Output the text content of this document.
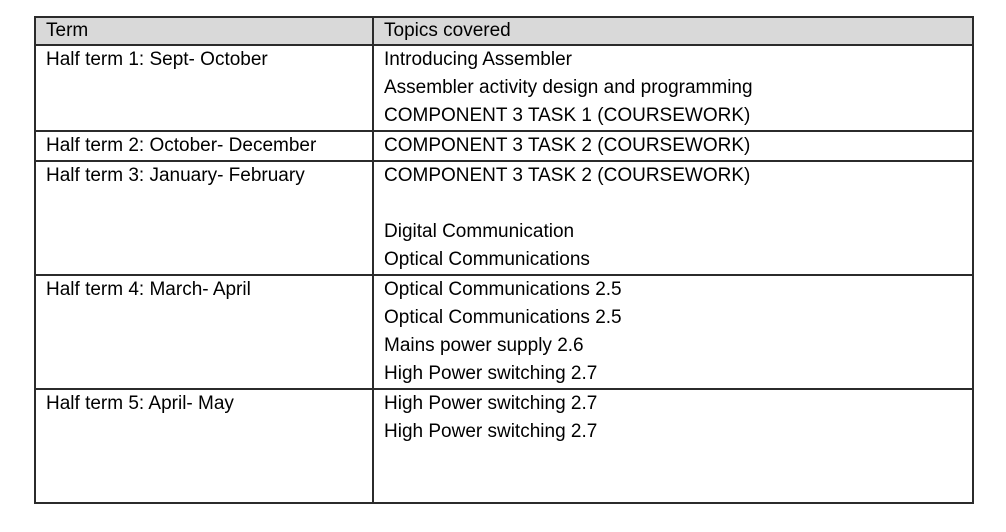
Term	Topics covered
Half term 1: Sept- October	Introducing Assembler
Assembler activity design and programming
COMPONENT 3 TASK 1 (COURSEWORK)

Half term 2: October- December	COMPONENT 3 TASK 2 (COURSEWORK)

Half term 3: January- February	COMPONENT 3 TASK 2 (COURSEWORK)
Digital Communication
Optical Communications

Half term 4: March- April	Optical Communications 2.5
Optical Communications 2.5
Mains power supply 2.6
High Power switching 2.7

Half term 5: April- May	High Power switching 2.7
High Power switching 2.7
